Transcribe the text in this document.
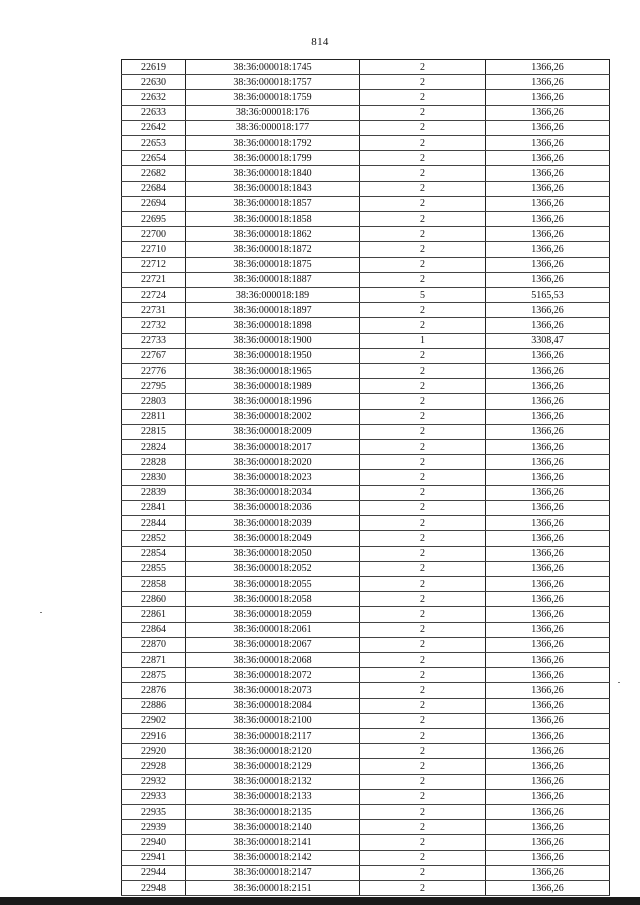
814
22619	38:36:000018:1745	2	1366,26
22630	38:36:000018:1757	2	1366,26
22632	38:36:000018:1759	2	1366,26
22633	38:36:000018:176	2	1366,26
22642	38:36:000018:177	2	1366,26
22653	38:36:000018:1792	2	1366,26
22654	38:36:000018:1799	2	1366,26
22682	38:36:000018:1840	2	1366,26
22684	38:36:000018:1843	2	1366,26
22694	38:36:000018:1857	2	1366,26
22695	38:36:000018:1858	2	1366,26
22700	38:36:000018:1862	2	1366,26
22710	38:36:000018:1872	2	1366,26
22712	38:36:000018:1875	2	1366,26
22721	38:36:000018:1887	2	1366,26
22724	38:36:000018:189	5	5165,53
22731	38:36:000018:1897	2	1366,26
22732	38:36:000018:1898	2	1366,26
22733	38:36:000018:1900	1	3308,47
22767	38:36:000018:1950	2	1366,26
22776	38:36:000018:1965	2	1366,26
22795	38:36:000018:1989	2	1366,26
22803	38:36:000018:1996	2	1366,26
22811	38:36:000018:2002	2	1366,26
22815	38:36:000018:2009	2	1366,26
22824	38:36:000018:2017	2	1366,26
22828	38:36:000018:2020	2	1366,26
22830	38:36:000018:2023	2	1366,26
22839	38:36:000018:2034	2	1366,26
22841	38:36:000018:2036	2	1366,26
22844	38:36:000018:2039	2	1366,26
22852	38:36:000018:2049	2	1366,26
22854	38:36:000018:2050	2	1366,26
22855	38:36:000018:2052	2	1366,26
22858	38:36:000018:2055	2	1366,26
22860	38:36:000018:2058	2	1366,26
22861	38:36:000018:2059	2	1366,26
22864	38:36:000018:2061	2	1366,26
22870	38:36:000018:2067	2	1366,26
22871	38:36:000018:2068	2	1366,26
22875	38:36:000018:2072	2	1366,26
22876	38:36:000018:2073	2	1366,26
22886	38:36:000018:2084	2	1366,26
22902	38:36:000018:2100	2	1366,26
22916	38:36:000018:2117	2	1366,26
22920	38:36:000018:2120	2	1366,26
22928	38:36:000018:2129	2	1366,26
22932	38:36:000018:2132	2	1366,26
22933	38:36:000018:2133	2	1366,26
22935	38:36:000018:2135	2	1366,26
22939	38:36:000018:2140	2	1366,26
22940	38:36:000018:2141	2	1366,26
22941	38:36:000018:2142	2	1366,26
22944	38:36:000018:2147	2	1366,26
22948	38:36:000018:2151	2	1366,26
